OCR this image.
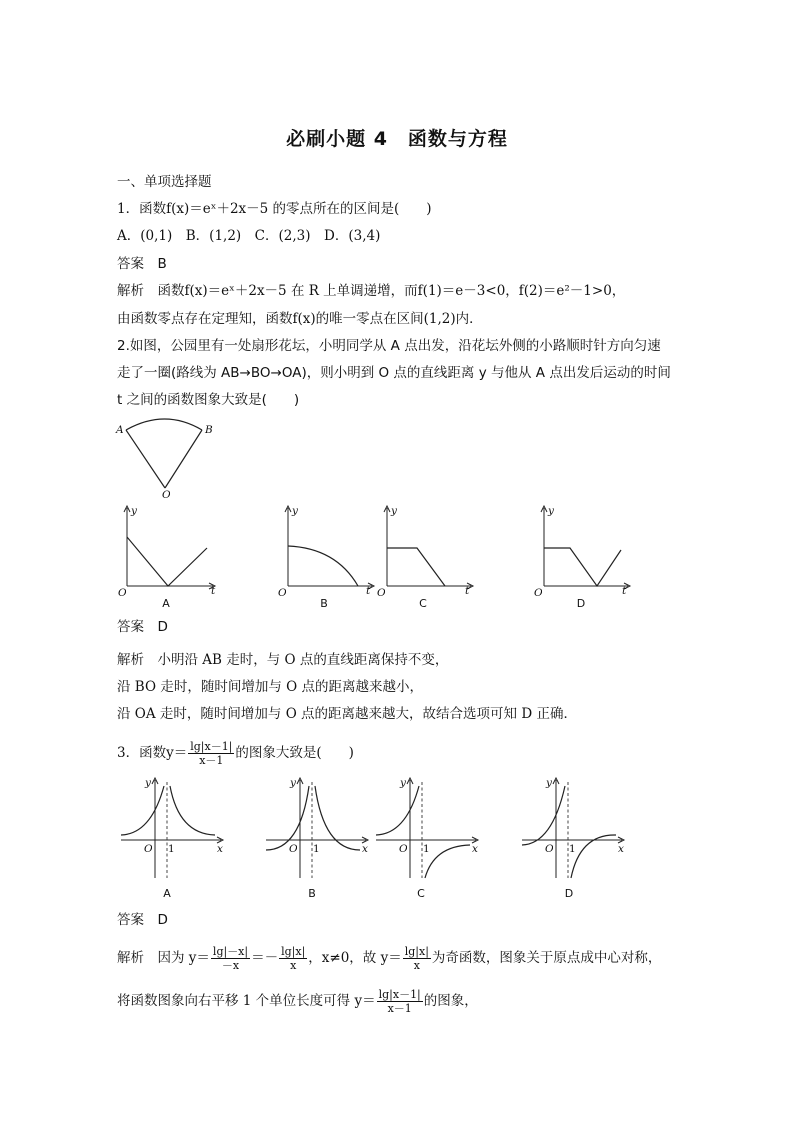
必刷小题 4　函数与方程
一、单项选择题
1．函数f(x)＝eˣ＋2x－5 的零点所在的区间是(　　)
A．(0,1)　B．(1,2)　C．(2,3)　D．(3,4)
答案　B
解析　函数f(x)＝eˣ＋2x－5 在 R 上单调递增，而f(1)＝e－3<0，f(2)＝e²－1>0，
由函数零点存在定理知，函数f(x)的唯一零点在区间(1,2)内．
2.如图，公园里有一处扇形花坛，小明同学从 A 点出发，沿花坛外侧的小路顺时针方向匀速
走了一圈(路线为 AB→BO→OA)，则小明到 O 点的直线距离 y 与他从 A 点出发后运动的时间
t 之间的函数图象大致是(　　)
A	B
O
y
t
O
A
y
t
O
B
y
t
O
C
y
t
O
D
答案　D
解析　小明沿 AB 走时，与 O 点的直线距离保持不变，
沿 BO 走时，随时间增加与 O 点的距离越来越小，
沿 OA 走时，随时间增加与 O 点的距离越来越大，故结合选项可知 D 正确．
3．函数$y= \frac{\lg|x-1|}{x-1}$ 的图象大致是(　　)
y
x
O 1
A
y
x
O 1
B
y
x
O 1
C
y
x
O 1
D
答案　D
解析　因为 $y= \frac{\lg|-x|}{-x} =- \frac{\lg|x|}{x}$ ，x≠0，故 $y= \frac{\lg|x|}{x}$ 为奇函数，图象关于原点成中心对称，
将函数图象向右平移 1 个单位长度可得 $y= \frac{\lg|x-1|}{x-1}$ 的图象，
